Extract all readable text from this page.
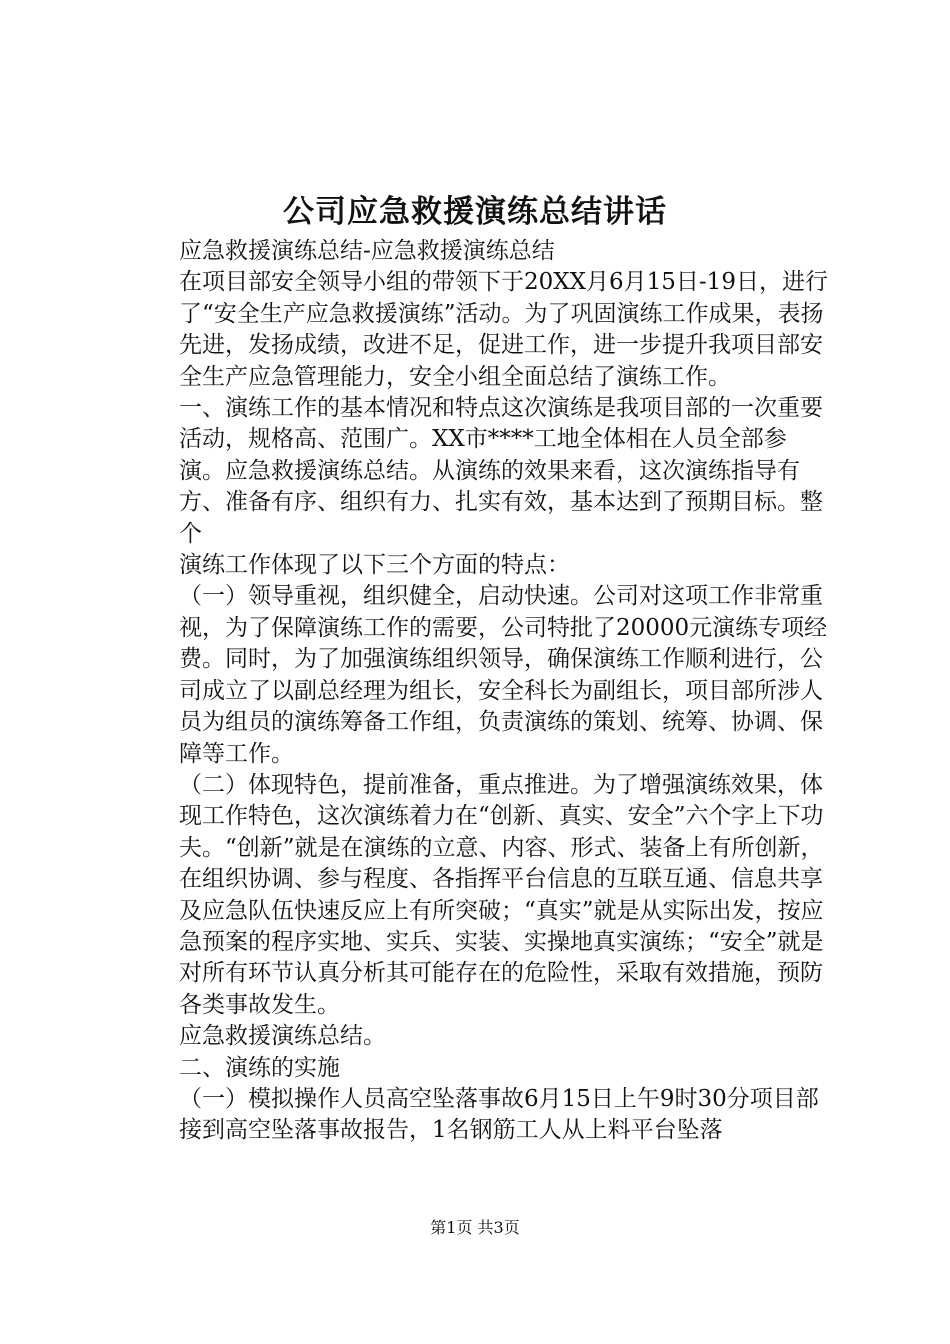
公司应急救援演练总结讲话

应急救援演练总结-应急救援演练总结

在项目部安全领导小组的带领下于20XX月6月15日-19日，进行了“安全生产应急救援演练”活动。为了巩固演练工作成果，表扬先进，发扬成绩，改进不足，促进工作，进一步提升我项目部安全生产应急管理能力，安全小组全面总结了演练工作。

一、演练工作的基本情况和特点这次演练是我项目部的一次重要活动，规格高、范围广。XX市****工地全体相在人员全部参演。应急救援演练总结。从演练的效果来看，这次演练指导有方、准备有序、组织有力、扎实有效，基本达到了预期目标。整个

演练工作体现了以下三个方面的特点：

（一）领导重视，组织健全，启动快速。公司对这项工作非常重视，为了保障演练工作的需要，公司特批了20000元演练专项经费。同时，为了加强演练组织领导，确保演练工作顺利进行，公司成立了以副总经理为组长，安全科长为副组长，项目部所涉人员为组员的演练筹备工作组，负责演练的策划、统筹、协调、保障等工作。

（二）体现特色，提前准备，重点推进。为了增强演练效果，体现工作特色，这次演练着力在“创新、真实、安全”六个字上下功夫。“创新”就是在演练的立意、内容、形式、装备上有所创新，在组织协调、参与程度、各指挥平台信息的互联互通、信息共享及应急队伍快速反应上有所突破；“真实”就是从实际出发，按应急预案的程序实地、实兵、实装、实操地真实演练；“安全”就是对所有环节认真分析其可能存在的危险性，采取有效措施，预防各类事故发生。

应急救援演练总结。

二、演练的实施

（一）模拟操作人员高空坠落事故6月15日上午9时30分项目部接到高空坠落事故报告，1名钢筋工人从上料平台坠落

第1页 共3页
